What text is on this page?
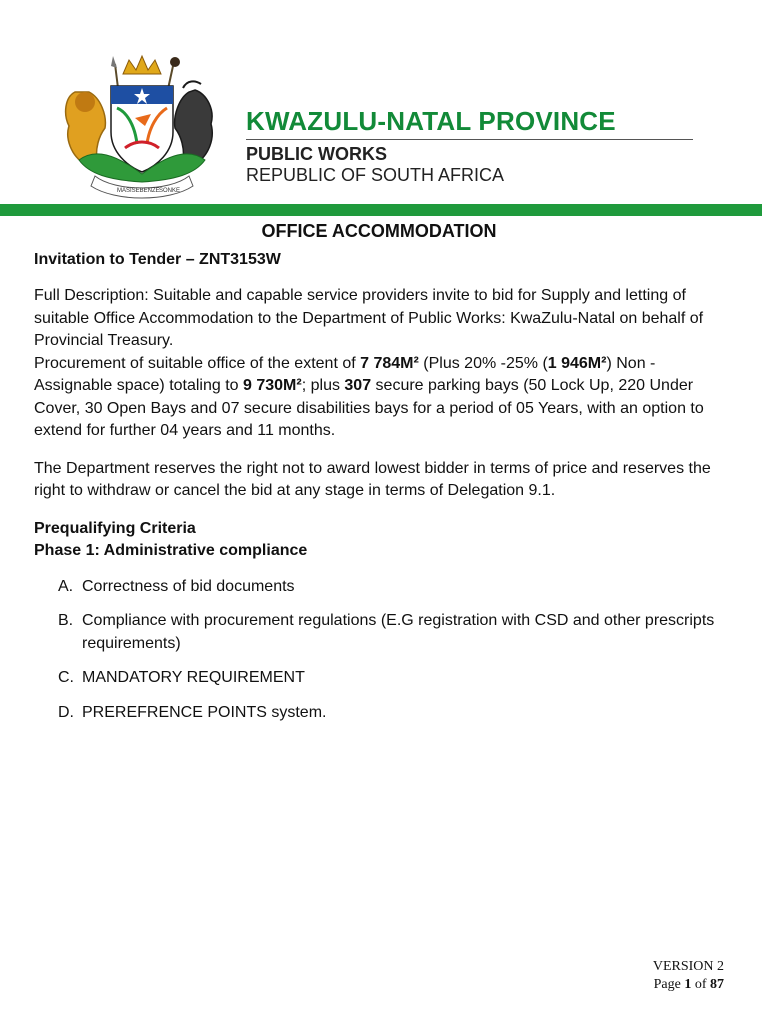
MASISEBENZE SONKE
KWAZULU-NATAL PROVINCE
PUBLIC WORKS
REPUBLIC OF SOUTH AFRICA
OFFICE ACCOMMODATION
Invitation to Tender – ZNT3153W

Full Description: Suitable and capable service providers invite to bid for Supply and letting of suitable Office Accommodation to the Department of Public Works: KwaZulu-Natal on behalf of Provincial Treasury.

Procurement of suitable office of the extent of 7 784M² (Plus 20% -25% (1 946M²) Non - Assignable space) totaling to 9 730M²; plus 307 secure parking bays (50 Lock Up, 220 Under Cover, 30 Open Bays and 07 secure disabilities bays for a period of 05 Years, with an option to extend for further 04 years and 11 months.

The Department reserves the right not to award lowest bidder in terms of price and reserves the right to withdraw or cancel the bid at any stage in terms of Delegation 9.1.

Prequalifying Criteria
Phase 1: Administrative compliance
A. Correctness of bid documents
B. Compliance with procurement regulations (E.G registration with CSD and other prescripts requirements)
C. MANDATORY REQUIREMENT
D. PREREFRENCE POINTS system.
VERSION 2
Page 1 of 87
